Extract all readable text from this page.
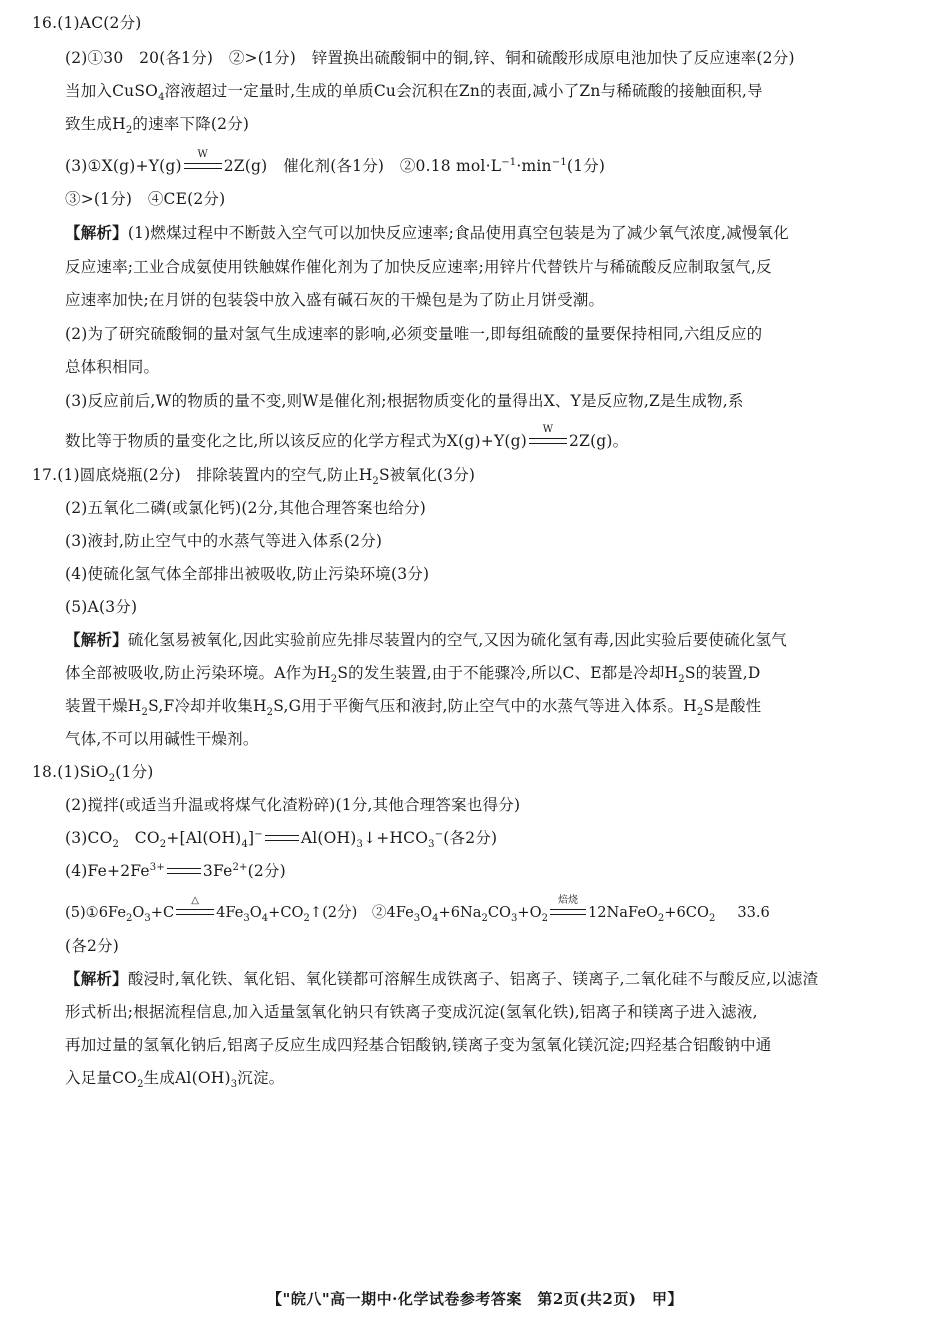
16.(1)AC(2分)
(2)①30　20(各1分)　②>(1分)　锌置换出硫酸铜中的铜,锌、铜和硫酸形成原电池加快了反应速率(2分)
当加入CuSO$_4$溶液超过一定量时,生成的单质Cu会沉积在Zn的表面,减小了Zn与稀硫酸的接触面积,导
致生成$H_2$的速率下降(2分)
(3)①X(g)+Y(g)
W
2Z(g)　催化剂(各1分)　②0.18 $mol\cdot L^{-1}\cdot\min^{-1}(1$分)
③>(1分)　④CE(2分)
【解析】(1)燃煤过程中不断鼓入空气可以加快反应速率;食品使用真空包装是为了减少氧气浓度,减慢氧化
反应速率;工业合成氨使用铁触媒作催化剂为了加快反应速率;用锌片代替铁片与稀硫酸反应制取氢气,反
应速率加快;在月饼的包装袋中放入盛有碱石灰的干燥包是为了防止月饼受潮。
(2)为了研究硫酸铜的量对氢气生成速率的影响,必须变量唯一,即每组硫酸的量要保持相同,六组反应的
总体积相同。
(3)反应前后,W的物质的量不变,则W是催化剂;根据物质变化的量得出X、Y是反应物,Z是生成物,系
数比等于物质的量变化之比,所以该反应的化学方程式为X(g)+Y(g)
W
2Z(g)。
17.(1)圆底烧瓶(2分)　排除装置内的空气,防止$H_2S$被氧化(3分)
(2)五氧化二磷(或氯化钙)(2分,其他合理答案也给分)
(3)液封,防止空气中的水蒸气等进入体系(2分)
(4)使硫化氢气体全部排出被吸收,防止污染环境(3分)
(5)A(3分)
【解析】硫化氢易被氧化,因此实验前应先排尽装置内的空气,又因为硫化氢有毒,因此实验后要使硫化氢气
体全部被吸收,防止污染环境。A作为$H_2S$的发生装置,由于不能骤冷,所以C、E都是冷却$H_2S$的装置,D
装置干燥$H_2S,F$冷却并收集$H_2S,G$用于平衡气压和液封,防止空气中的水蒸气等进入体系。$H_2S$是酸性
气体,不可以用碱性干燥剂。
18.(1)SiO$_2$(1分)
(2)搅拌(或适当升温或将煤气化渣粉碎)(1分,其他合理答案也得分)
$(3)CO_2$　$CO_2+[Al(OH)_4]^-$ $Al(OH)_3↓+HCO_3^-$(各2分)
$(4)Fe+2Fe^{3+}$ $3Fe^{2+}(2$分)
$(5)①6Fe_2O_3+C$
△
$4Fe_3O_4+CO_2↑(2$分)　$②4Fe_3O_4+6Na_2CO_3+O_2$
焙烧
$12NaFeO_2+6CO_2$ 33.6
(各2分)
【解析】酸浸时,氧化铁、氧化铝、氧化镁都可溶解生成铁离子、铝离子、镁离子,二氧化硅不与酸反应,以滤渣
形式析出;根据流程信息,加入适量氢氧化钠只有铁离子变成沉淀(氢氧化铁),铝离子和镁离子进入滤液,
再加过量的氢氧化钠后,铝离子反应生成四羟基合铝酸钠,镁离子变为氢氧化镁沉淀;四羟基合铝酸钠中通
入足量$CO_2$生成$Al(OH)_3$沉淀。
【"皖八"高一期中·化学试卷参考答案　第2页(共2页)　甲】
